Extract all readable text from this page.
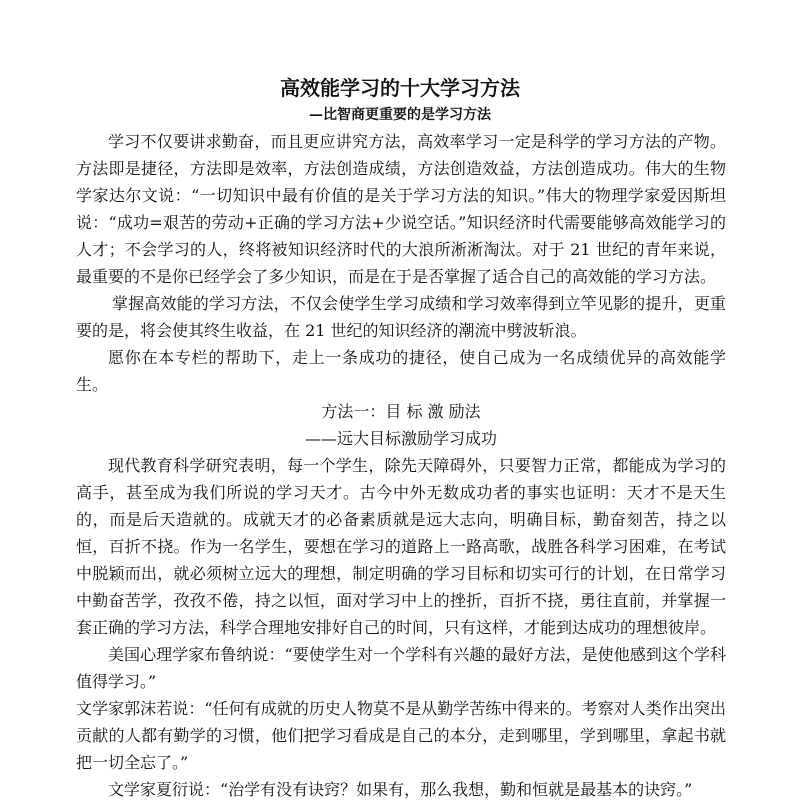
高效能学习的十大学习方法
—比智商更重要的是学习方法

学习不仅要讲求勤奋，而且更应讲究方法，高效率学习一定是科学的学习方法的产物。方法即是捷径，方法即是效率，方法创造成绩，方法创造效益，方法创造成功。伟大的生物学家达尔文说：“一切知识中最有价值的是关于学习方法的知识。”伟大的物理学家爱因斯坦说：“成功=艰苦的劳动+正确的学习方法+少说空话。”知识经济时代需要能够高效能学习的人才；不会学习的人，终将被知识经济时代的大浪所淅淅淘汰。对于 21 世纪的青年来说，最重要的不是你已经学会了多少知识，而是在于是否掌握了适合自己的高效能的学习方法。

掌握高效能的学习方法，不仅会使学生学习成绩和学习效率得到立竿见影的提升，更重要的是，将会使其终生收益，在 21 世纪的知识经济的潮流中劈波斩浪。

愿你在本专栏的帮助下，走上一条成功的捷径，使自己成为一名成绩优异的高效能学生。

方法一：目 标 激 励法

——远大目标激励学习成功

现代教育科学研究表明，每一个学生，除先天障碍外，只要智力正常，都能成为学习的高手，甚至成为我们所说的学习天才。古今中外无数成功者的事实也证明：天才不是天生的，而是后天造就的。成就天才的必备素质就是远大志向，明确目标，勤奋刻苦，持之以恒，百折不挠。作为一名学生，要想在学习的道路上一路高歌，战胜各科学习困难，在考试中脱颖而出，就必须树立远大的理想，制定明确的学习目标和切实可行的计划，在日常学习中勤奋苦学，孜孜不倦，持之以恒，面对学习中上的挫折，百折不挠，勇往直前，并掌握一套正确的学习方法，科学合理地安排好自己的时间，只有这样，才能到达成功的理想彼岸。

美国心理学家布鲁纳说：“要使学生对一个学科有兴趣的最好方法，是使他感到这个学科值得学习。”

文学家郭沫若说：“任何有成就的历史人物莫不是从勤学苦练中得来的。考察对人类作出突出贡献的人都有勤学的习惯，他们把学习看成是自己的本分，走到哪里，学到哪里，拿起书就把一切全忘了。”

文学家夏衍说：“治学有没有诀窍？如果有，那么我想，勤和恒就是最基本的诀窍。”
